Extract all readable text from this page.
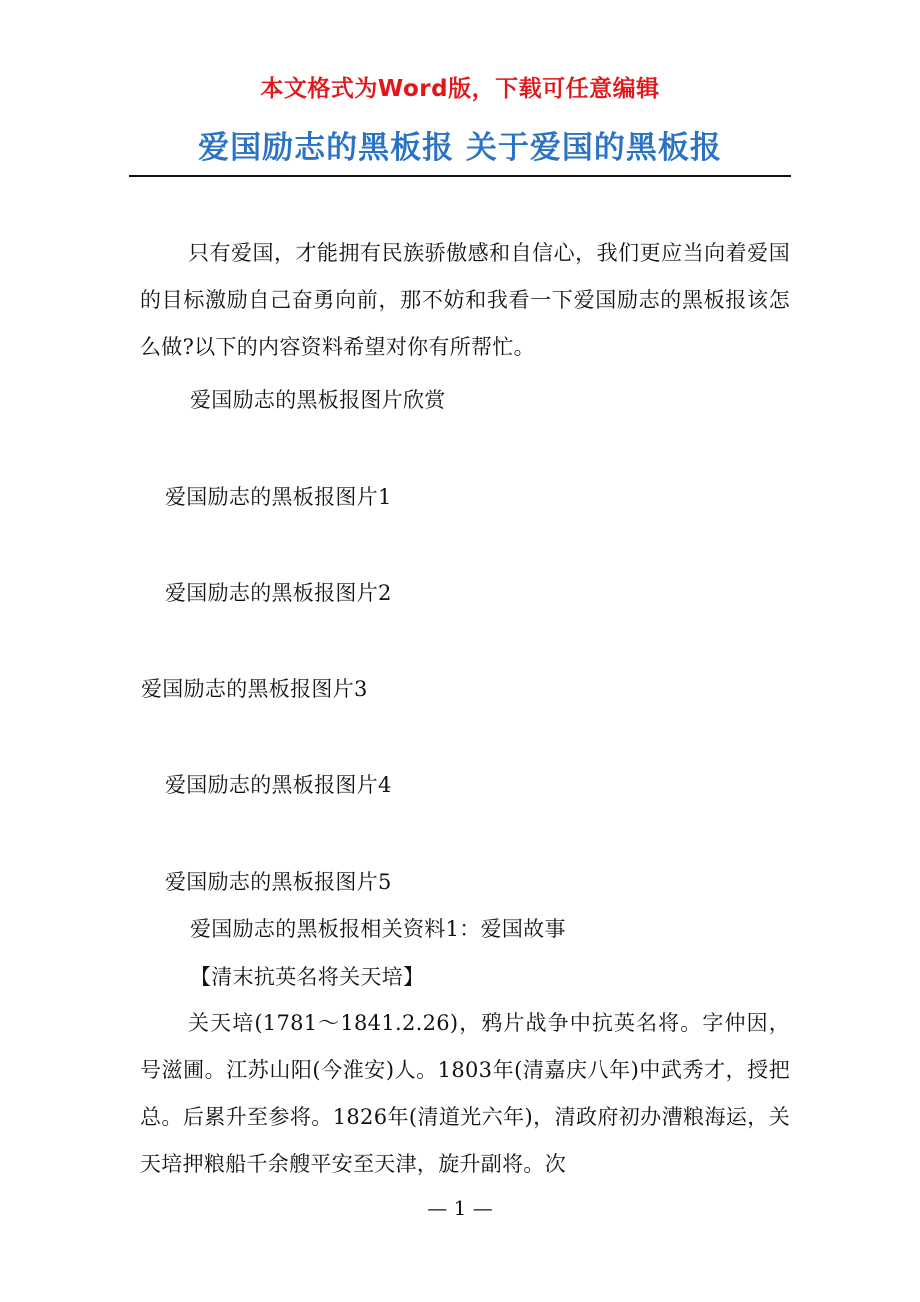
本文格式为Word版，下载可任意编辑
爱国励志的黑板报 关于爱国的黑板报

只有爱国，才能拥有民族骄傲感和自信心，我们更应当向着爱国的目标激励自己奋勇向前，那不妨和我看一下爱国励志的黑板报该怎么做?以下的内容资料希望对你有所帮忙。

爱国励志的黑板报图片欣赏
爱国励志的黑板报图片1
爱国励志的黑板报图片2
爱国励志的黑板报图片3
爱国励志的黑板报图片4
爱国励志的黑板报图片5
爱国励志的黑板报相关资料1：爱国故事
【清末抗英名将关天培】

关天培(1781～1841.2.26)，鸦片战争中抗英名将。字仲因，号滋圃。江苏山阳(今淮安)人。1803年(清嘉庆八年)中武秀才，授把总。后累升至参将。1826年(清道光六年)，清政府初办漕粮海运，关天培押粮船千余艘平安至天津，旋升副将。次

— 1 —
